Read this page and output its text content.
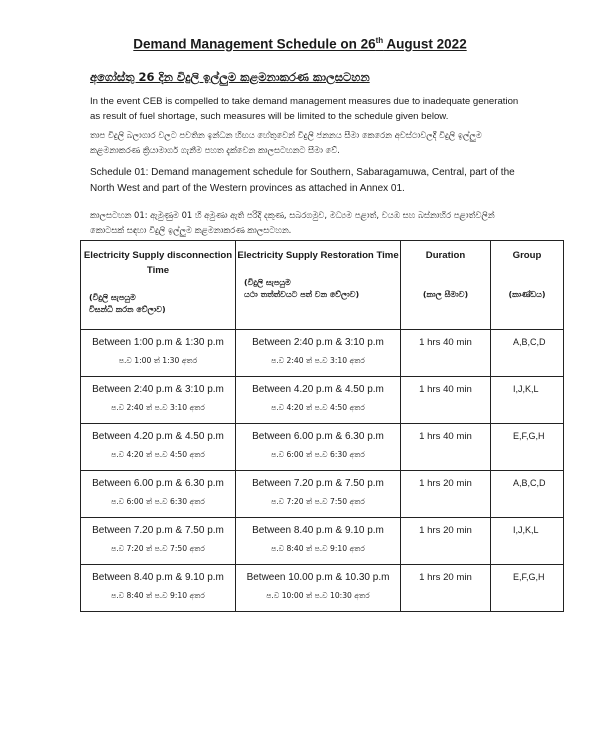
Demand Management Schedule on 26th August 2022
අගෝස්තු 26 දින විදුලි ඉල්ලුම කළමනාකරණ කාලසටහන
In the event CEB is compelled to take demand management measures due to inadequate generation as result of fuel shortage, such measures will be limited to the schedule given below.
තාප විදුලි බලාගාර වලට පවතින ඉන්ධන හිඟය හේතුවෙන් විදුලි ජනනය සීමා කෙරෙන අවස්ථාවලදී විදුලි ඉල්ලුම කළමනාකරණ ක්‍රියාමාර්ග ගැනීම පහත දැක්වෙන කාලසටහනට සීමා වේ.
Schedule 01: Demand management schedule for Southern, Sabaragamuwa, Central, part of the North West and part of the Western provinces as attached in Annex 01.
කාලසටහන 01: ඇමුණුම 01 හි අමුණා ඇති පරිදි දකුණ, සබරගමුව, මධ්‍යම පළාත්, වයඹ සහ බස්නාහිර පළාත්වලින් කොටසක් සඳහා විදුලි ඉල්ලුම කළමනාකරණ කාලසටහන.
Electricity Supply disconnection Time
(විදුලි සැපයුම
විසන්ධි කරන වේලාව)	Electricity Supply Restoration Time
(විදුලි සැපයුම
යථා තත්ත්වයට පත් වන වේලාව)	Duration
(කාල සීමාව)	Group
(කාණ්ඩය)

Between 1:00 p.m & 1:30 p.m
ප.ව 1:00 ත් 1:30 අතර	Between 2:40 p.m & 3:10 p.m
ප.ව 2:40 ත් ප.ව 3:10 අතර	1 hrs 40 min	A,B,C,D

Between 2:40 p.m & 3:10 p.m
ප.ව 2:40 ත් ප.ව 3:10 අතර	Between 4.20 p.m & 4.50 p.m
ප.ව 4:20 ත් ප.ව 4:50 අතර	1 hrs 40 min	I,J,K,L

Between 4.20 p.m & 4.50 p.m
ප.ව 4:20 ත් ප.ව 4:50 අතර	Between 6.00 p.m & 6.30 p.m
ප.ව 6:00 ත් ප.ව 6:30 අතර	1 hrs 40 min	E,F,G,H

Between 6.00 p.m & 6.30 p.m
ප.ව 6:00 ත් ප.ව 6:30 අතර	Between 7.20 p.m & 7.50 p.m
ප.ව 7:20 ත් ප.ව 7:50 අතර	1 hrs 20 min	A,B,C,D

Between 7.20 p.m & 7.50 p.m
ප.ව 7:20 ත් ප.ව 7:50 අතර	Between 8.40 p.m & 9.10 p.m
ප.ව 8:40 ත් ප.ව 9:10 අතර	1 hrs 20 min	I,J,K,L

Between 8.40 p.m & 9.10 p.m
ප.ව 8:40 ත් ප.ව 9:10 අතර	Between 10.00 p.m & 10.30 p.m
ප.ව 10:00 ත් ප.ව 10:30 අතර	1 hrs 20 min	E,F,G,H
